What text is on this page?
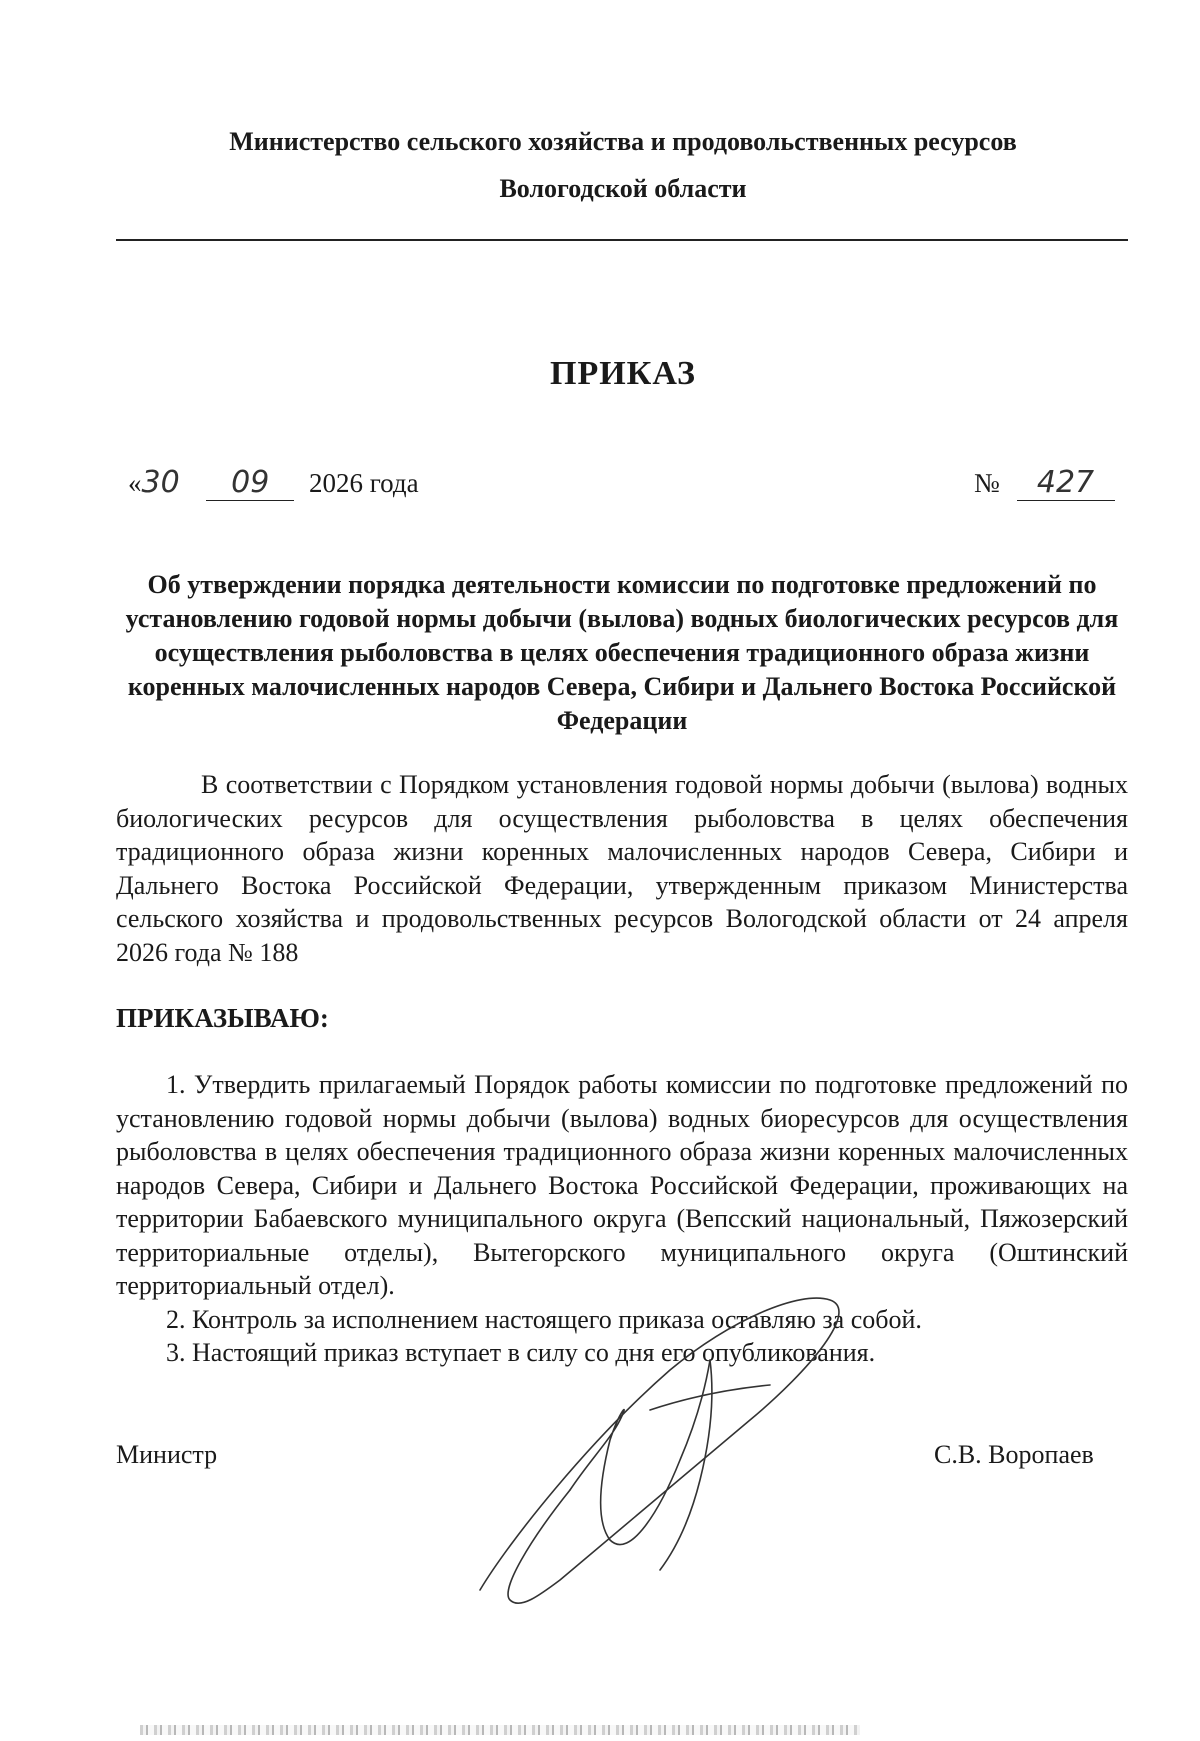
Министерство сельского хозяйства и продовольственных ресурсов
Вологодской области
ПРИКАЗ
«30 09 2026 года	№ 427
Об утверждении порядка деятельности комиссии по подготовке предложений по установлению годовой нормы добычи (вылова) водных биологических ресурсов для осуществления рыболовства в целях обеспечения традиционного образа жизни коренных малочисленных народов Севера, Сибири и Дальнего Востока Российской Федерации
В соответствии с Порядком установления годовой нормы добычи (вылова) водных биологических ресурсов для осуществления рыболовства в целях обеспечения традиционного образа жизни коренных малочисленных народов Севера, Сибири и Дальнего Востока Российской Федерации, утвержденным приказом Министерства сельского хозяйства и продовольственных ресурсов Вологодской области от 24 апреля 2026 года № 188
ПРИКАЗЫВАЮ:

1. Утвердить прилагаемый Порядок работы комиссии по подготовке предложений по установлению годовой нормы добычи (вылова) водных биоресурсов для осуществления рыболовства в целях обеспечения традиционного образа жизни коренных малочисленных народов Севера, Сибири и Дальнего Востока Российской Федерации, проживающих на территории Бабаевского муниципального округа (Вепсский национальный, Пяжозерский территориальные отделы), Вытегорского муниципального округа (Оштинский территориальный отдел).

2. Контроль за исполнением настоящего приказа оставляю за собой.

3. Настоящий приказ вступает в силу со дня его опубликования.

Министр	С.В. Воропаев
